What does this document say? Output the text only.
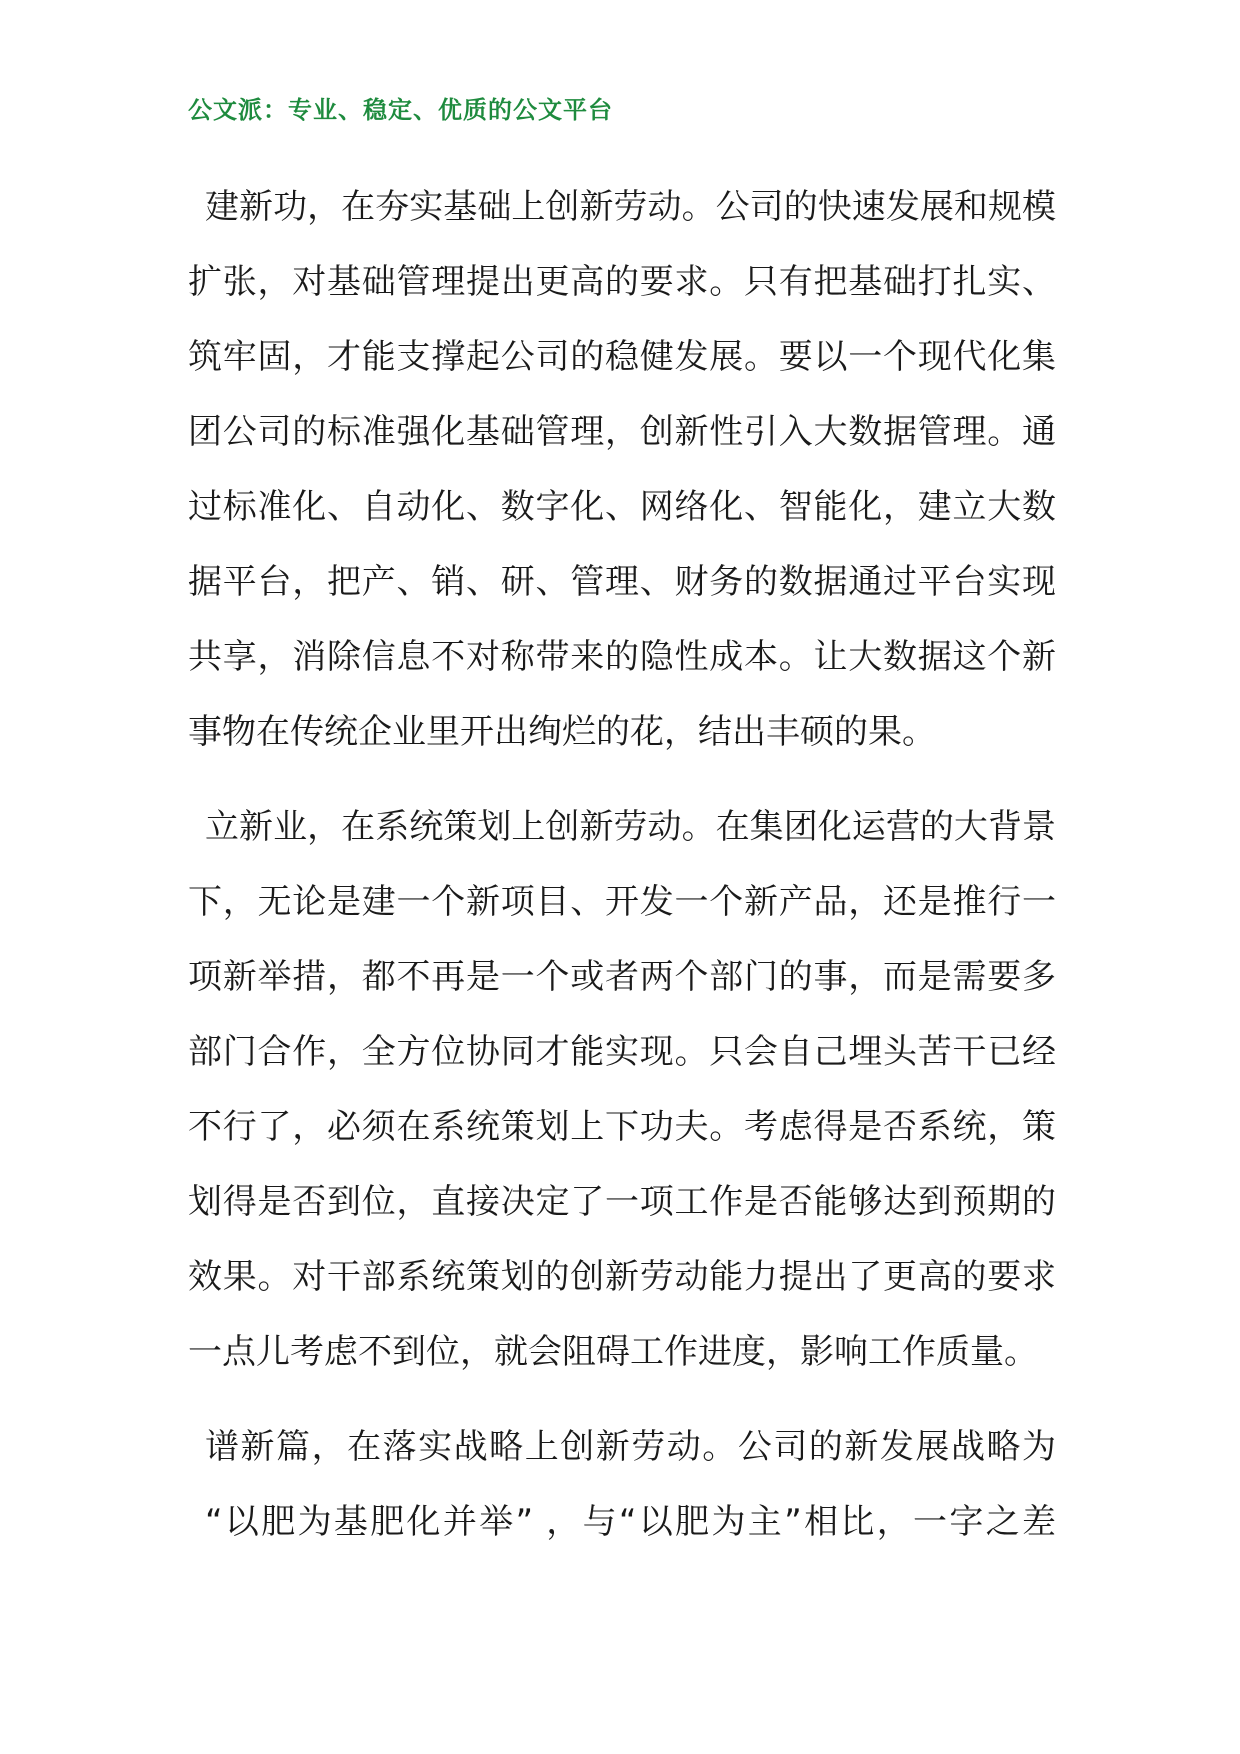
公文派：专业、稳定、优质的公文平台
建新功，在夯实基础上创新劳动。公司的快速发展和规模
扩张，对基础管理提出更高的要求。只有把基础打扎实、
筑牢固，才能支撑起公司的稳健发展。要以一个现代化集
团公司的标准强化基础管理，创新性引入大数据管理。通
过标准化、自动化、数字化、网络化、智能化，建立大数
据平台，把产、销、研、管理、财务的数据通过平台实现
共享，消除信息不对称带来的隐性成本。让大数据这个新
事物在传统企业里开出绚烂的花，结出丰硕的果。
立新业，在系统策划上创新劳动。在集团化运营的大背景
下，无论是建一个新项目、开发一个新产品，还是推行一
项新举措，都不再是一个或者两个部门的事，而是需要多
部门合作，全方位协同才能实现。只会自己埋头苦干已经
不行了，必须在系统策划上下功夫。考虑得是否系统，策
划得是否到位，直接决定了一项工作是否能够达到预期的
效果。对干部系统策划的创新劳动能力提出了更高的要求
一点儿考虑不到位，就会阻碍工作进度，影响工作质量。
谱新篇，在落实战略上创新劳动。公司的新发展战略为
“以肥为基肥化并举” ，与“以肥为主”相比，一字之差
